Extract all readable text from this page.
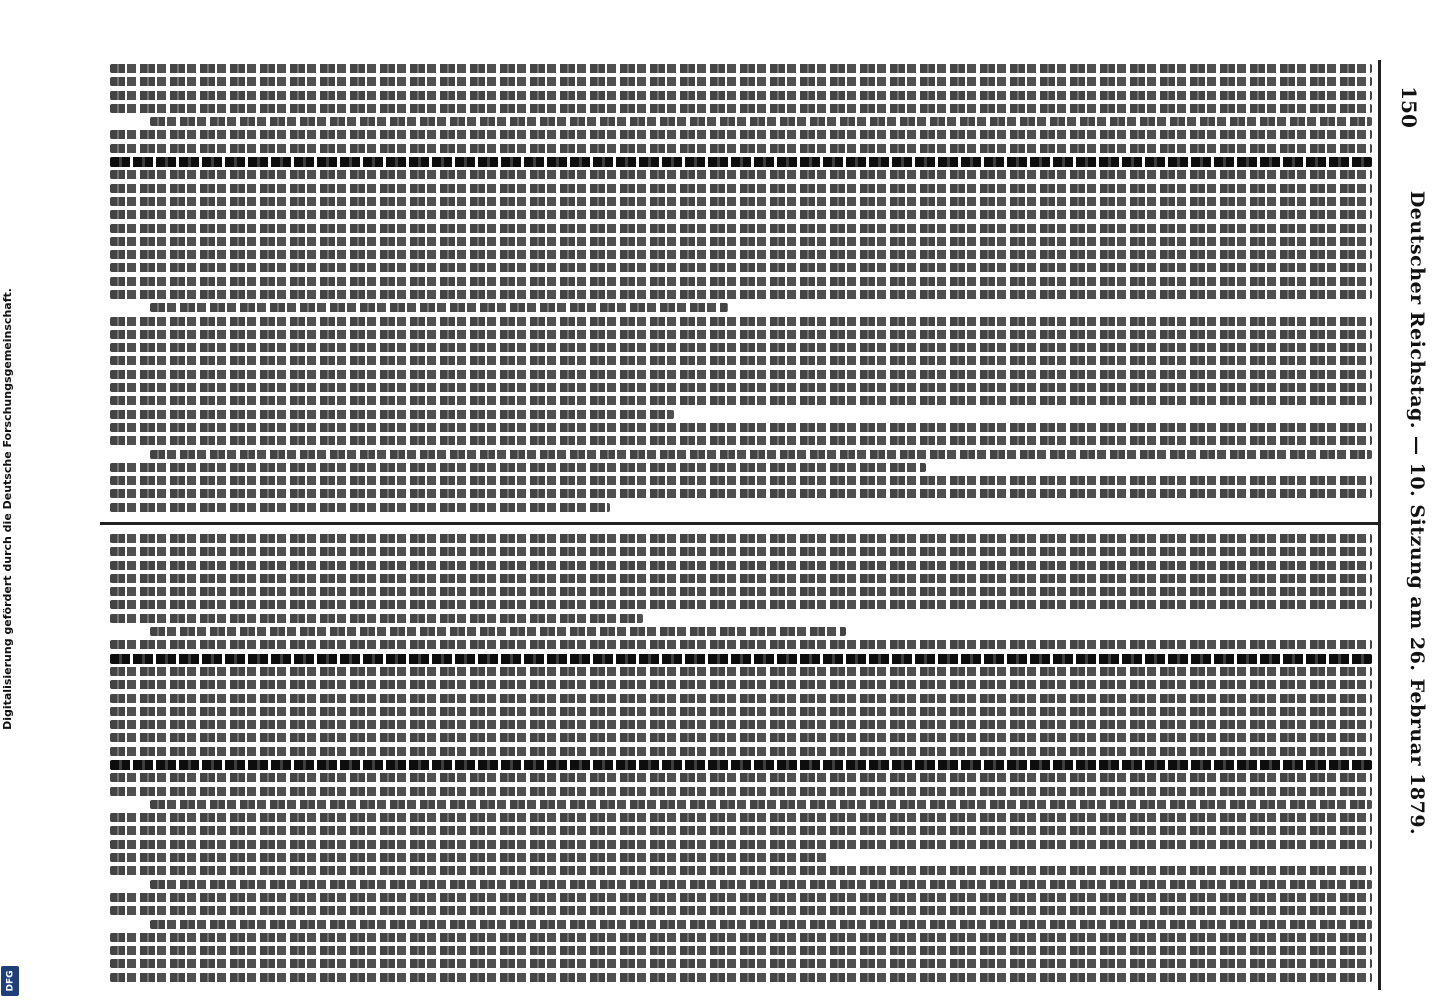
Digitalisierung gefördert durch die Deutsche Forschungsgemeinschaft.
DFG
150
Deutscher Reichstag. — 10. Sitzung am 26. Februar 1879.
